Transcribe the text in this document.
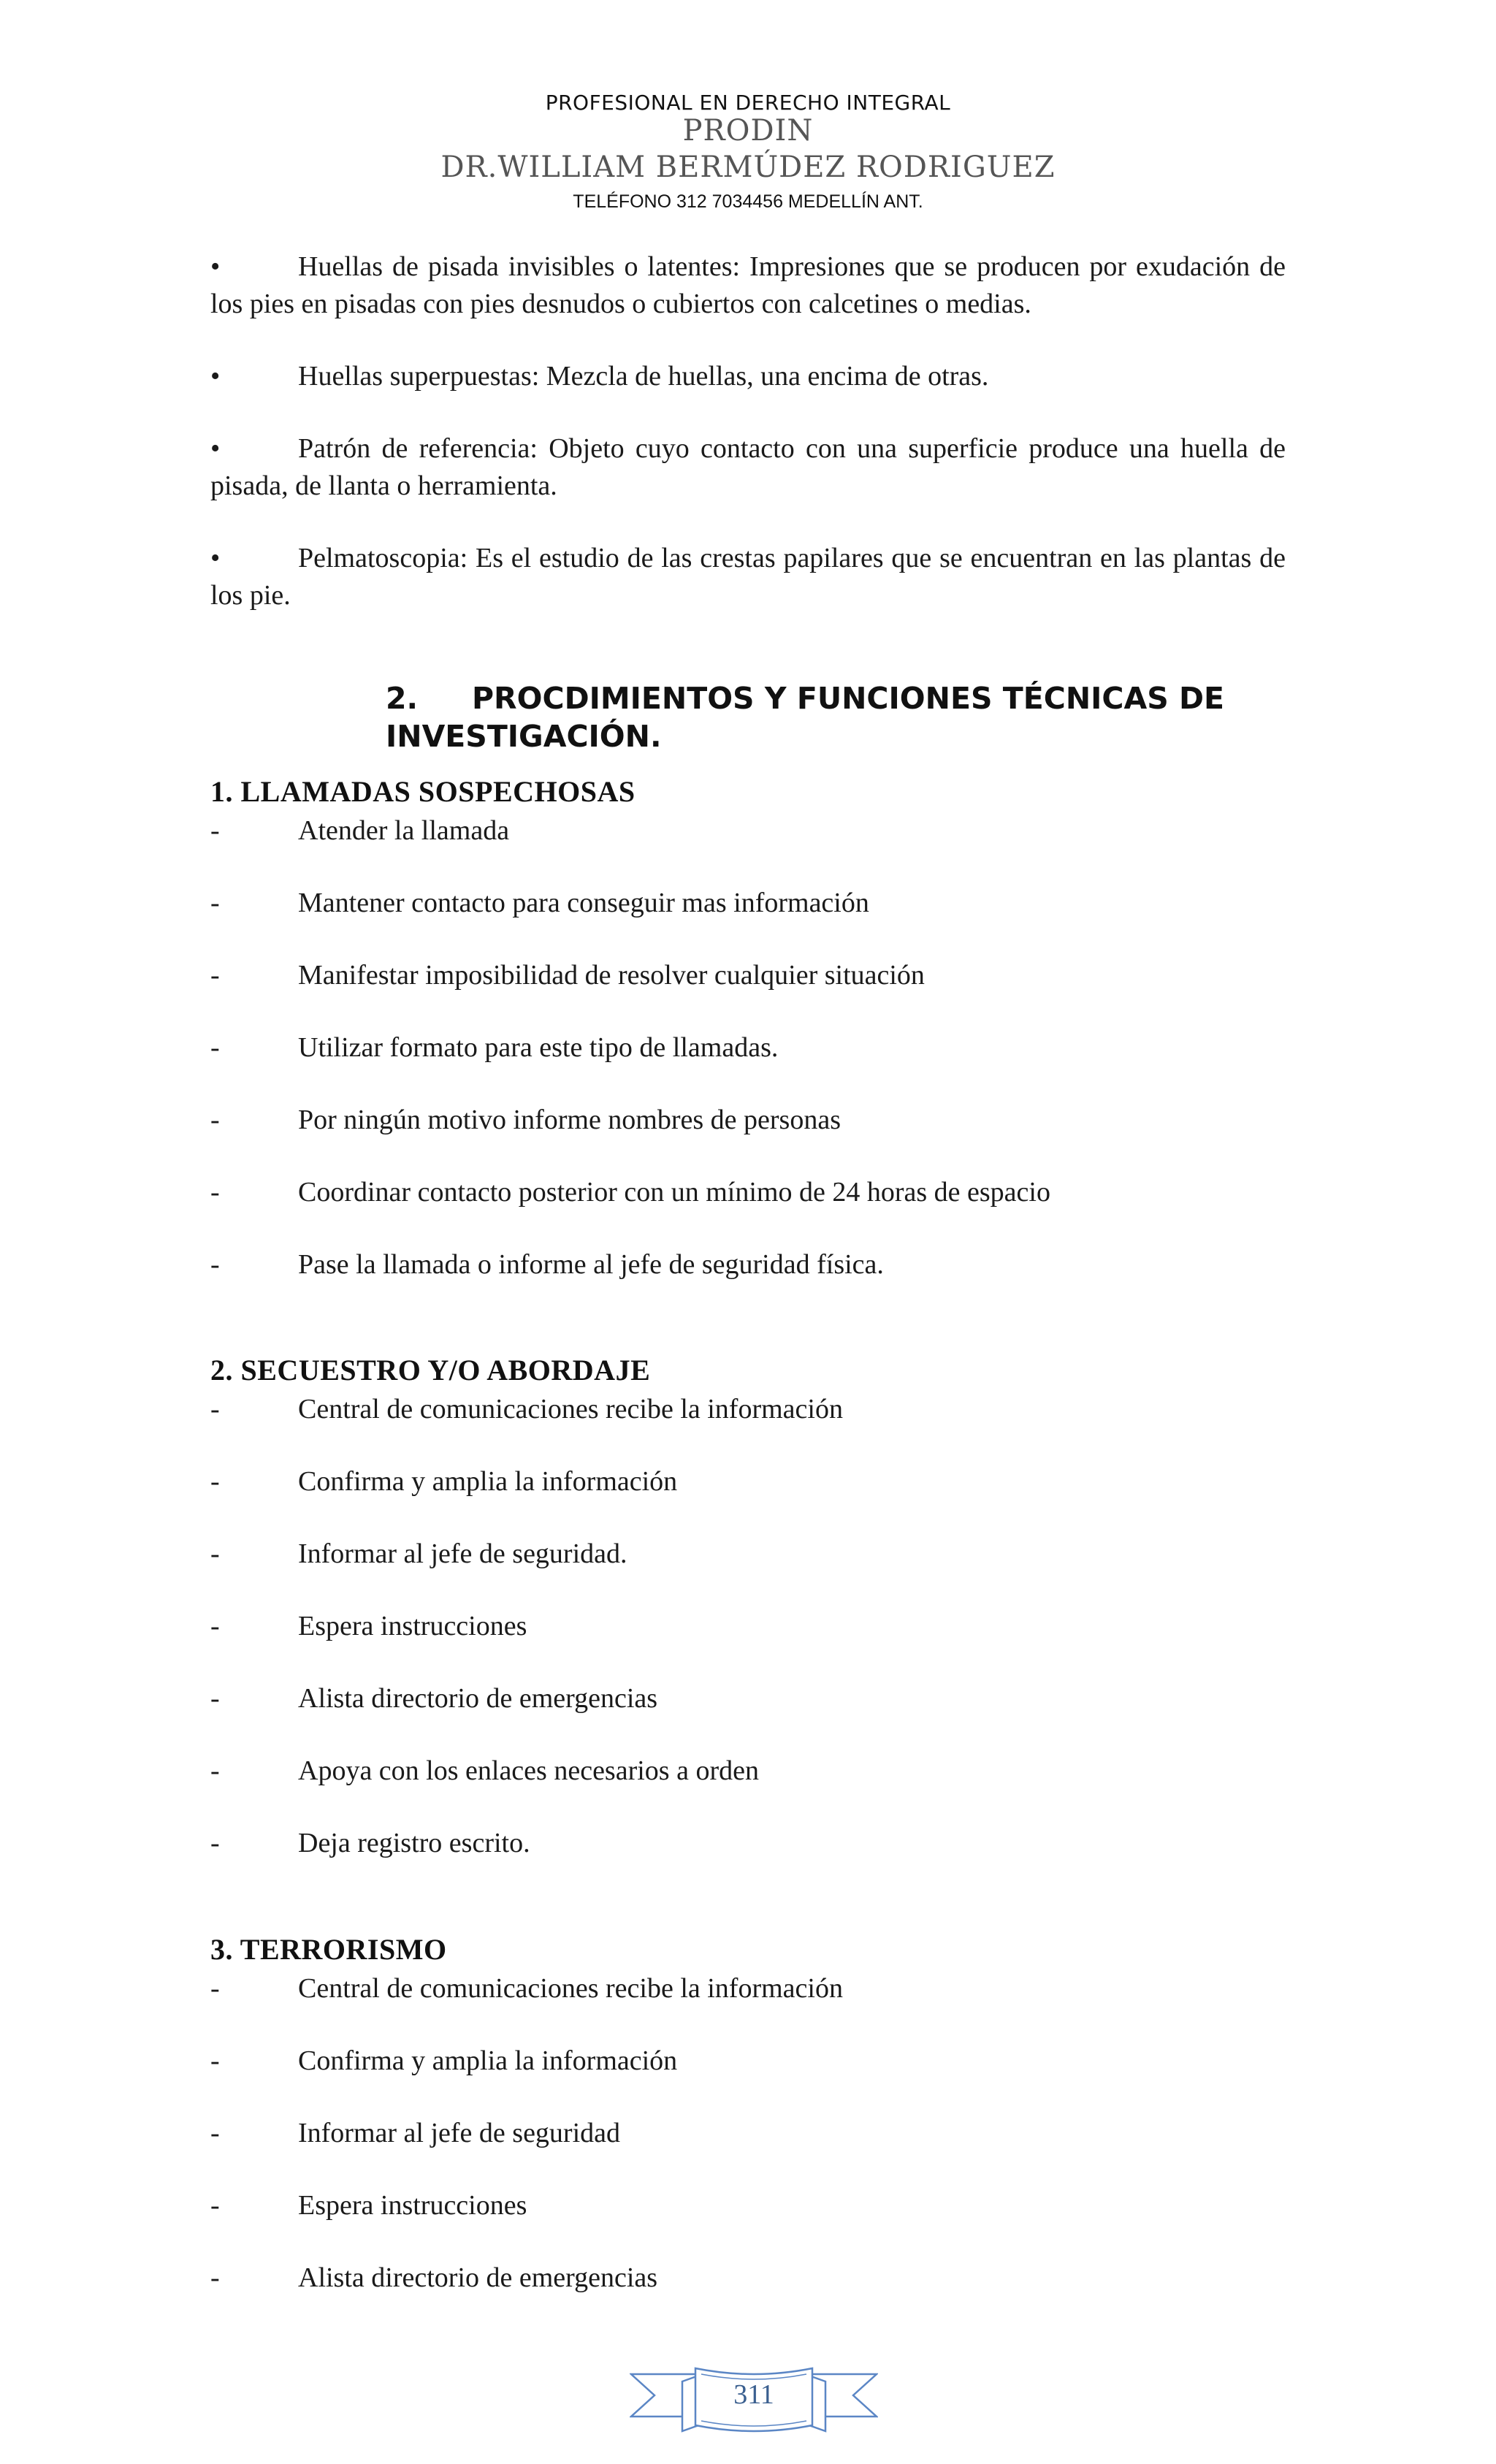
PROFESIONAL EN DERECHO INTEGRAL
PRODIN
DR.WILLIAM BERMÚDEZ RODRIGUEZ
TELÉFONO 312 7034456 MEDELLÍN ANT.

•	Huellas de pisada invisibles o latentes: Impresiones que se producen por exudación de los pies en pisadas con pies desnudos o cubiertos con calcetines o medias.

•	Huellas superpuestas: Mezcla de huellas, una encima de otras.

•	Patrón de referencia: Objeto cuyo contacto con una superficie produce una huella de pisada, de llanta o herramienta.

•	Pelmatoscopia: Es el estudio de las crestas papilares que se encuentran en las plantas de los pie.

2. PROCDIMIENTOS Y FUNCIONES TÉCNICAS DE
INVESTIGACIÓN.
1. LLAMADAS SOSPECHOSAS
-	Atender la llamada
-	Mantener contacto para conseguir mas información
-	Manifestar imposibilidad de resolver cualquier situación
-	Utilizar formato para este tipo de llamadas.
-	Por ningún motivo informe nombres de personas
-	Coordinar contacto posterior con un mínimo de 24 horas de espacio
-	Pase la llamada o informe al jefe de seguridad física.
2. SECUESTRO Y/O ABORDAJE
-	Central de comunicaciones recibe la información
-	Confirma y amplia la información
-	Informar al jefe de seguridad.
-	Espera instrucciones
-	Alista directorio de emergencias
-	Apoya con los enlaces necesarios a orden
-	Deja registro escrito.
3. TERRORISMO
-	Central de comunicaciones recibe la información
-	Confirma y amplia la información
-	Informar al jefe de seguridad
-	Espera instrucciones
-	Alista directorio de emergencias
311
